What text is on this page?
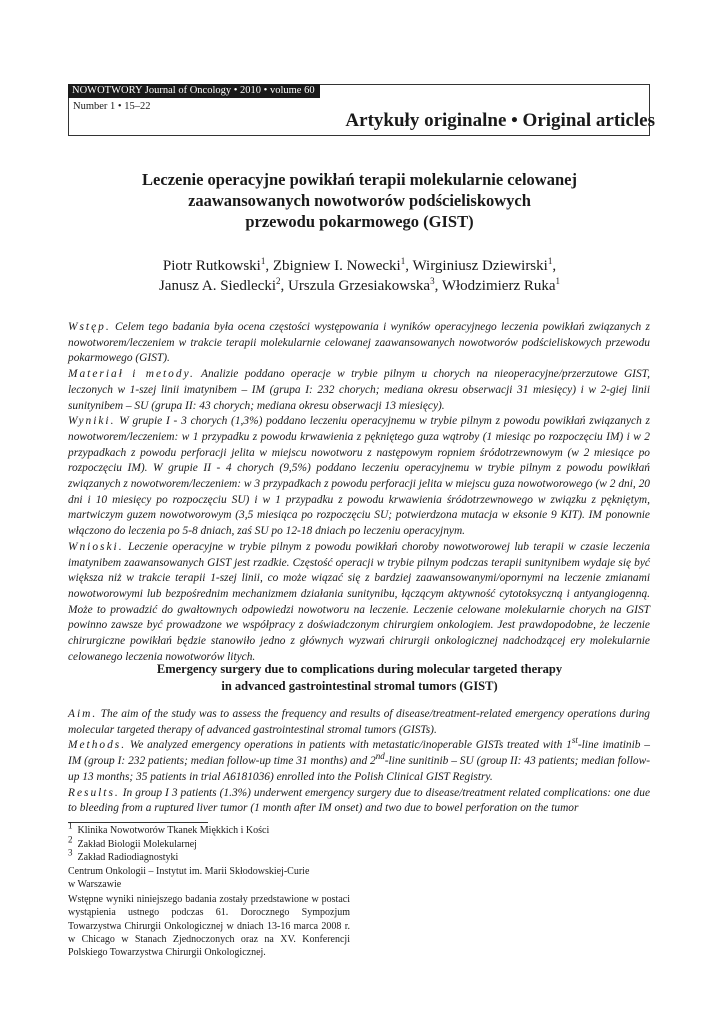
NOWOTWORY Journal of Oncology • 2010 • volume 60
Number 1 • 15–22
Artykuły originalne • Original articles
Leczenie operacyjne powikłań terapii molekularnie celowanej
zaawansowanych nowotworów podścieliskowych
przewodu pokarmowego (GIST)
Piotr Rutkowski$^1$, Zbigniew I. Nowecki$^1$, Wirginiusz Dziewirski$^1$,
Janusz A. Siedlecki$^2$, Urszula Grzesiakowska$^3$, Włodzimierz Ruka$^1$
Wstęp. Celem tego badania była ocena częstości występowania i wyników operacyjnego leczenia powikłań związanych z nowotworem/leczeniem w trakcie terapii molekularnie celowanej zaawansowanych nowotworów podścieliskowych przewodu pokarmowego (GIST).
Materiał i metody. Analizie poddano operacje w trybie pilnym u chorych na nieoperacyjne/przerzutowe GIST, leczonych w 1-szej linii imatynibem – IM (grupa I: 232 chorych; mediana okresu obserwacji 31 miesięcy) i w 2-giej linii sunitynibem – SU (grupa II: 43 chorych; mediana okresu obserwacji 13 miesięcy).
Wyniki. W grupie I - 3 chorych (1,3%) poddano leczeniu operacyjnemu w trybie pilnym z powodu powikłań związanych z nowotworem/leczeniem: w 1 przypadku z powodu krwawienia z pękniętego guza wątroby (1 miesiąc po rozpoczęciu IM) i w 2 przypadkach z powodu perforacji jelita w miejscu nowotworu z następowym ropniem śródotrzewnowym (w 2 miesiące po rozpoczęciu IM). W grupie II - 4 chorych (9,5%) poddano leczeniu operacyjnemu w trybie pilnym z powodu powikłań związanych z nowotworem/leczeniem: w 3 przypadkach z powodu perforacji jelita w miejscu guza nowotworowego (w 2 dni, 20 dni i 10 miesięcy po rozpoczęciu SU) i w 1 przypadku z powodu krwawienia śródotrzewnowego w związku z pękniętym, martwiczym guzem nowotworowym (3,5 miesiąca po rozpoczęciu SU; potwierdzona mutacja w eksonie 9 KIT). IM ponownie włączono do leczenia po 5-8 dniach, zaś SU po 12-18 dniach po leczeniu operacyjnym.
Wnioski. Leczenie operacyjne w trybie pilnym z powodu powikłań choroby nowotworowej lub terapii w czasie leczenia imatynibem zaawansowanych GIST jest rzadkie. Częstość operacji w trybie pilnym podczas terapii sunitynibem wydaje się być większa niż w trakcie terapii 1-szej linii, co może wiązać się z bardziej zaawansowanymi/opornymi na leczenie zmianami nowotworowymi lub bezpośrednim mechanizmem działania sunitynibu, łączącym aktywność cytotoksyczną i antyangiogenną. Może to prowadzić do gwałtownych odpowiedzi nowotworu na leczenie. Leczenie celowane molekularnie chorych na GIST powinno zawsze być prowadzone we współpracy z doświadczonym chirurgiem onkologiem. Jest prawdopodobne, że leczenie chirurgiczne powikłań będzie stanowiło jedno z głównych wyzwań chirurgii onkologicznej nadchodzącej ery molekularnie celowanego leczenia nowotworów litych.
Emergency surgery due to complications during molecular targeted therapy
in advanced gastrointestinal stromal tumors (GIST)
Aim. The aim of the study was to assess the frequency and results of disease/treatment-related emergency operations during molecular targeted therapy of advanced gastrointestinal stromal tumors (GISTs).
Methods. We analyzed emergency operations in patients with metastatic/inoperable GISTs treated with 1st-line imatinib – IM (group I: 232 patients; median follow-up time 31 months) and 2nd-line sunitinib – SU (group II: 43 patients; median follow-up 13 months; 35 patients in trial A6181036) enrolled into the Polish Clinical GIST Registry.
Results. In group I 3 patients (1.3%) underwent emergency surgery due to disease/treatment related complications: one due to bleeding from a ruptured liver tumor (1 month after IM onset) and two due to bowel perforation on the tumor
$^1$ Klinika Nowotworów Tkanek Miękkich i Kości
$^2$ Zakład Biologii Molekularnej
$^3$ Zakład Radiodiagnostyki
Centrum Onkologii – Instytut im. Marii Skłodowskiej-Curie
w Warszawie
Wstępne wyniki niniejszego badania zostały przedstawione w postaci wystąpienia ustnego podczas 61. Dorocznego Sympozjum Towarzystwa Chirurgii Onkologicznej w dniach 13-16 marca 2008 r. w Chicago w Stanach Zjednoczonych oraz na XV. Konferencji Polskiego Towarzystwa Chirurgii Onkologicznej.
